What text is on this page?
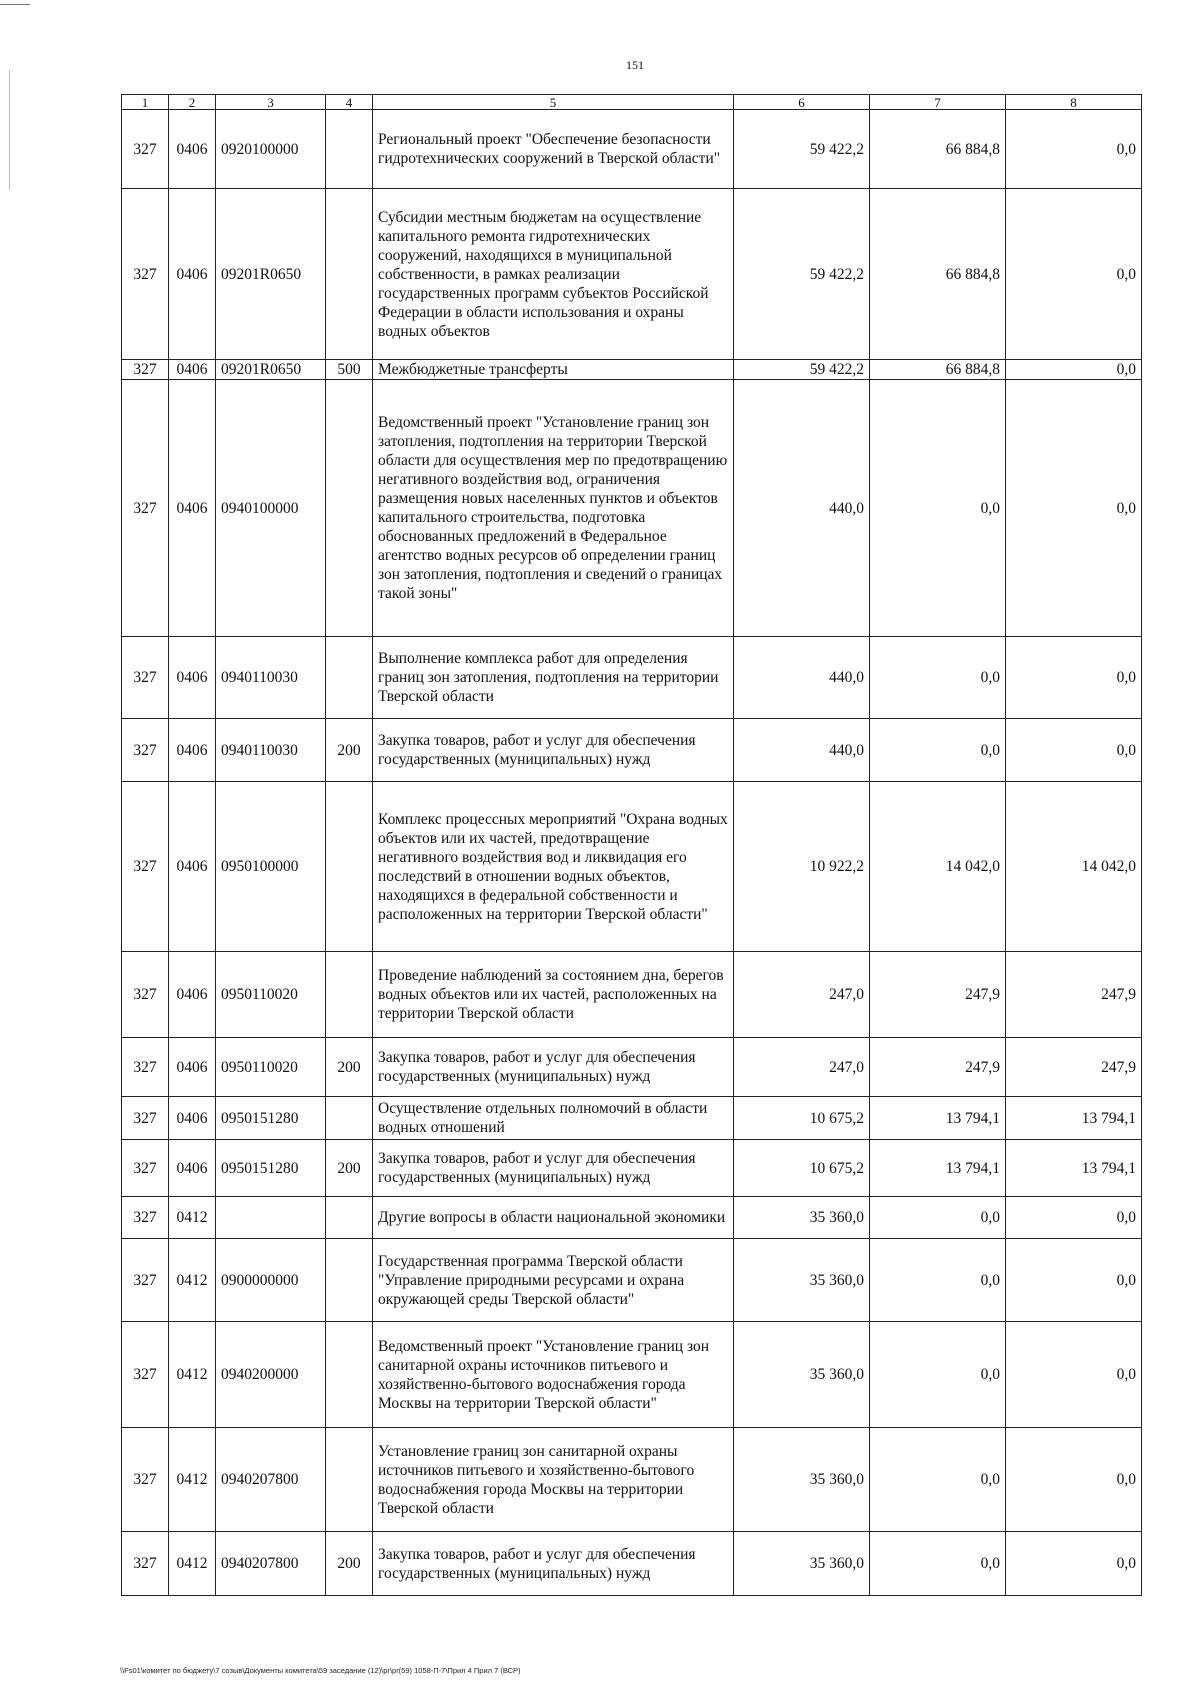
151
1	2	3	4	5	6	7	8
327	0406	0920100000		Региональный проект "Обеспечение безопасности гидротехнических сооружений в Тверской области"	59 422,2	66 884,8	0,0
327	0406	09201R0650		Субсидии местным бюджетам на осуществление капитального ремонта гидротехнических сооружений, находящихся в муниципальной собственности, в рамках реализации государственных программ субъектов Российской Федерации в области использования и охраны водных объектов	59 422,2	66 884,8	0,0
327	0406	09201R0650	500	Межбюджетные трансферты	59 422,2	66 884,8	0,0
327	0406	0940100000		Ведомственный проект "Установление границ зон затопления, подтопления на территории Тверской области для осуществления мер по предотвращению негативного воздействия вод, ограничения размещения новых населенных пунктов и объектов капитального строительства, подготовка обоснованных предложений в Федеральное агентство водных ресурсов об определении границ зон затопления, подтопления и сведений о границах такой зоны"	440,0	0,0	0,0
327	0406	0940110030		Выполнение комплекса работ для определения границ зон затопления, подтопления на территории Тверской области	440,0	0,0	0,0
327	0406	0940110030	200	Закупка товаров, работ и услуг для обеспечения государственных (муниципальных) нужд	440,0	0,0	0,0
327	0406	0950100000		Комплекс процессных мероприятий "Охрана водных объектов или их частей, предотвращение негативного воздействия вод и ликвидация его последствий в отношении водных объектов, находящихся в федеральной собственности и расположенных на территории Тверской области"	10 922,2	14 042,0	14 042,0
327	0406	0950110020		Проведение наблюдений за состоянием дна, берегов водных объектов или их частей, расположенных на территории Тверской области	247,0	247,9	247,9
327	0406	0950110020	200	Закупка товаров, работ и услуг для обеспечения государственных (муниципальных) нужд	247,0	247,9	247,9
327	0406	0950151280		Осуществление отдельных полномочий в области водных отношений	10 675,2	13 794,1	13 794,1
327	0406	0950151280	200	Закупка товаров, работ и услуг для обеспечения государственных (муниципальных) нужд	10 675,2	13 794,1	13 794,1
327	0412			Другие вопросы в области национальной экономики	35 360,0	0,0	0,0
327	0412	0900000000		Государственная программа Тверской области "Управление природными ресурсами и охрана окружающей среды Тверской области"	35 360,0	0,0	0,0
327	0412	0940200000		Ведомственный проект "Установление границ зон санитарной охраны источников питьевого и хозяйственно-бытового водоснабжения города Москвы на территории Тверской области"	35 360,0	0,0	0,0
327	0412	0940207800		Установление границ зон санитарной охраны источников питьевого и хозяйственно-бытового водоснабжения города Москвы на территории Тверской области	35 360,0	0,0	0,0
327	0412	0940207800	200	Закупка товаров, работ и услуг для обеспечения государственных (муниципальных) нужд	35 360,0	0,0	0,0
\\Fs01\комитет по бюджету\7 созыв\Документы комитета\59 заседание (12)\pr\pr(59) 1058-П-7\Прил 4 Прил 7 (ВСР)
